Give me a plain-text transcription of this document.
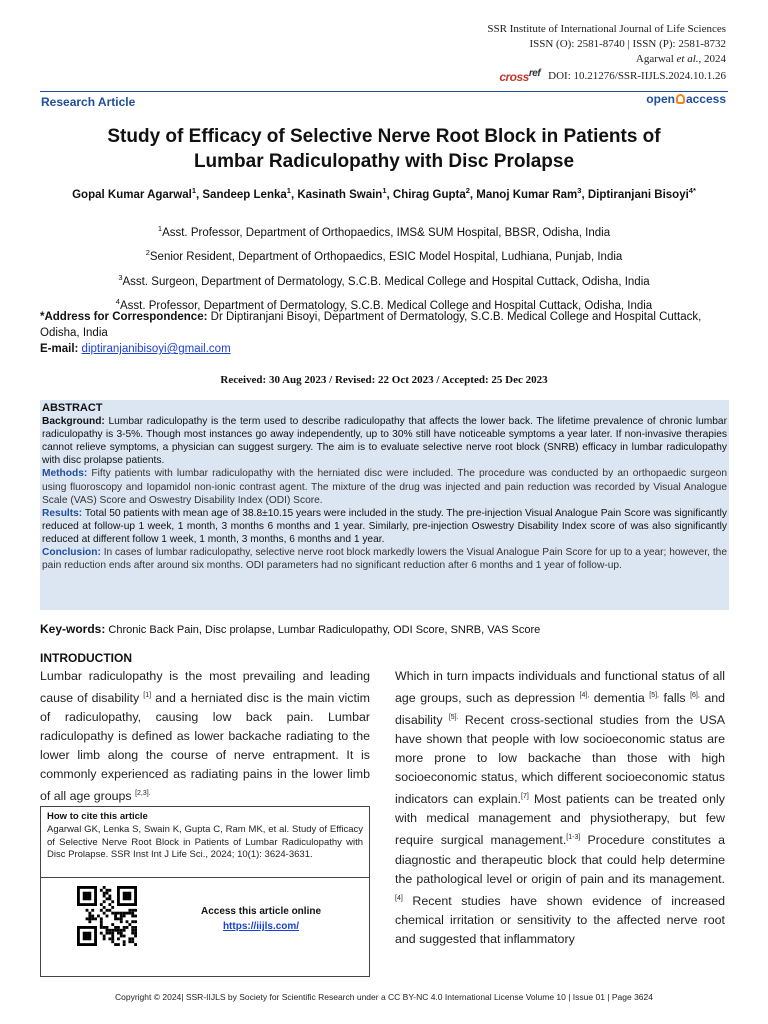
SSR Institute of International Journal of Life Sciences
ISSN (O): 2581-8740 | ISSN (P): 2581-8732
Agarwal et al., 2024
cross$^{ref}$ DOI: 10.21276/SSR-IIJLS.2024.10.1.26
Research Article	open access
Study of Efficacy of Selective Nerve Root Block in Patients of
Lumbar Radiculopathy with Disc Prolapse
Gopal Kumar Agarwal$^1$, Sandeep Lenka$^1$, Kasinath Swain$^1$, Chirag Gupta$^2$, Manoj Kumar Ram$^3$, Diptiranjani Bisoyi$^{4*}$
$^1$Asst. Professor, Department of Orthopaedics, IMS& SUM Hospital, BBSR, Odisha, India
$^2$Senior Resident, Department of Orthopaedics, ESIC Model Hospital, Ludhiana, Punjab, India
$^3$Asst. Surgeon, Department of Dermatology, S.C.B. Medical College and Hospital Cuttack, Odisha, India
$^4$Asst. Professor, Department of Dermatology, S.C.B. Medical College and Hospital Cuttack, Odisha, India
*Address for Correspondence: Dr Diptiranjani Bisoyi, Department of Dermatology, S.C.B. Medical College and Hospital Cuttack, Odisha, India
E-mail: diptiranjanibisoyi@gmail.com
Received: 30 Aug 2023 / Revised: 22 Oct 2023 / Accepted: 25 Dec 2023
ABSTRACT

Background: Lumbar radiculopathy is the term used to describe radiculopathy that affects the lower back. The lifetime prevalence of chronic lumbar radiculopathy is 3-5%. Though most instances go away independently, up to 30% still have noticeable symptoms a year later. If non-invasive therapies cannot relieve symptoms, a physician can suggest surgery. The aim is to evaluate selective nerve root block (SNRB) efficacy in lumbar radiculopathy with disc prolapse patients.

Methods: Fifty patients with lumbar radiculopathy with the herniated disc were included. The procedure was conducted by an orthopaedic surgeon using fluoroscopy and Iopamidol non-ionic contrast agent. The mixture of the drug was injected and pain reduction was recorded by Visual Analogue Scale (VAS) Score and Oswestry Disability Index (ODI) Score.

Results: Total 50 patients with mean age of 38.8±10.15 years were included in the study. The pre-injection Visual Analogue Pain Score was significantly reduced at follow-up 1 week, 1 month, 3 months 6 months and 1 year. Similarly, pre-injection Oswestry Disability Index score of was also significantly reduced at different follow 1 week, 1 month, 3 months, 6 months and 1 year.

Conclusion: In cases of lumbar radiculopathy, selective nerve root block markedly lowers the Visual Analogue Pain Score for up to a year; however, the pain reduction ends after around six months. ODI parameters had no significant reduction after 6 months and 1 year of follow-up.

Key-words: Chronic Back Pain, Disc prolapse, Lumbar Radiculopathy, ODI Score, SNRB, VAS Score
INTRODUCTION
Lumbar radiculopathy is the most prevailing and leading cause of disability [1] and a herniated disc is the main victim of radiculopathy, causing low back pain. Lumbar radiculopathy is defined as lower backache radiating to the lower limb along the course of nerve entrapment. It is commonly experienced as radiating pains in the lower limb of all age groups $^{[2,3].}$
How to cite this article
Agarwal GK, Lenka S, Swain K, Gupta C, Ram MK, et al. Study of Efficacy of Selective Nerve Root Block in Patients of Lumbar Radiculopathy with Disc Prolapse. SSR Inst Int J Life Sci., 2024; 10(1): 3624-3631.
Access this article online
https://iijls.com/
Which in turn impacts individuals and functional status of all age groups, such as depression $^{[4],}$ dementia $^{[5],}$ falls $^{[6],}$ and disability $^{[5].}$ Recent cross-sectional studies from the USA have shown that people with low socioeconomic status are more prone to low backache than those with high socioeconomic status, which different socioeconomic status indicators can explain.[7] Most patients can be treated only with medical management and physiotherapy, but few require surgical management.[1-3] Procedure constitutes a diagnostic and therapeutic block that could help determine the pathological level or origin of pain and its management.[4] Recent studies have shown evidence of increased chemical irritation or sensitivity to the affected nerve root and suggested that inflammatory
Copyright © 2024| SSR-IIJLS by Society for Scientific Research under a CC BY-NC 4.0 International License Volume 10 | Issue 01 | Page 3624
